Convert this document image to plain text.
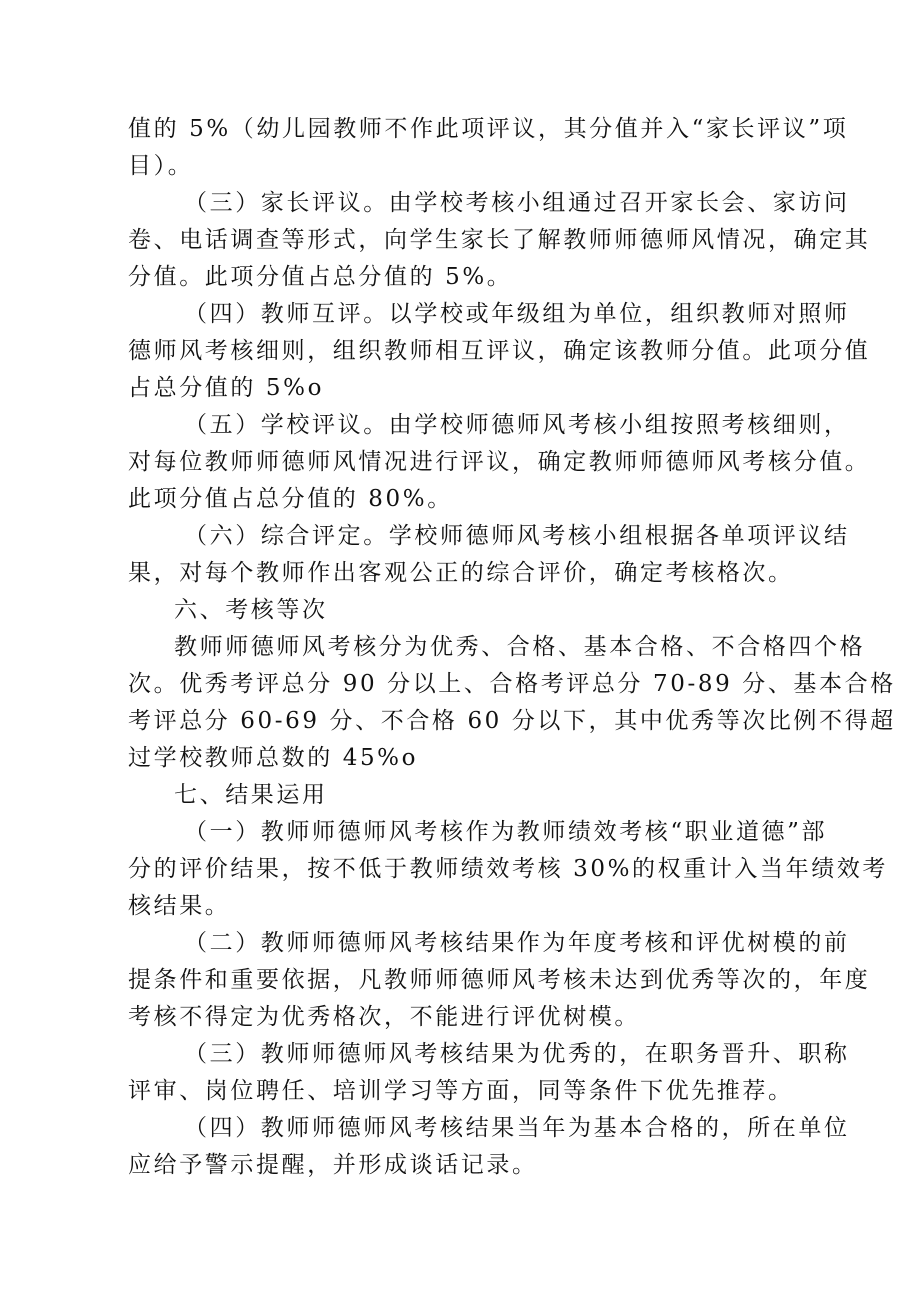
值的 5%（幼儿园教师不作此项评议，其分值并入“家长评议”项
目）。
（三）家长评议。由学校考核小组通过召开家长会、家访问
卷、电话调查等形式，向学生家长了解教师师德师风情况，确定其
分值。此项分值占总分值的 5%。
（四）教师互评。以学校或年级组为单位，组织教师对照师
德师风考核细则，组织教师相互评议，确定该教师分值。此项分值
占总分值的 5%o
（五）学校评议。由学校师德师风考核小组按照考核细则，
对每位教师师德师风情况进行评议，确定教师师德师风考核分值。
此项分值占总分值的 80%。
（六）综合评定。学校师德师风考核小组根据各单项评议结
果，对每个教师作出客观公正的综合评价，确定考核格次。
六、考核等次
教师师德师风考核分为优秀、合格、基本合格、不合格四个格
次。优秀考评总分 90 分以上、合格考评总分 70-89 分、基本合格
考评总分 60-69 分、不合格 60 分以下，其中优秀等次比例不得超
过学校教师总数的 45%o
七、结果运用
（一）教师师德师风考核作为教师绩效考核“职业道德”部
分的评价结果，按不低于教师绩效考核 30%的权重计入当年绩效考
核结果。
（二）教师师德师风考核结果作为年度考核和评优树模的前
提条件和重要依据，凡教师师德师风考核未达到优秀等次的，年度
考核不得定为优秀格次，不能进行评优树模。
（三）教师师德师风考核结果为优秀的，在职务晋升、职称
评审、岗位聘任、培训学习等方面，同等条件下优先推荐。
（四）教师师德师风考核结果当年为基本合格的，所在单位
应给予警示提醒，并形成谈话记录。
